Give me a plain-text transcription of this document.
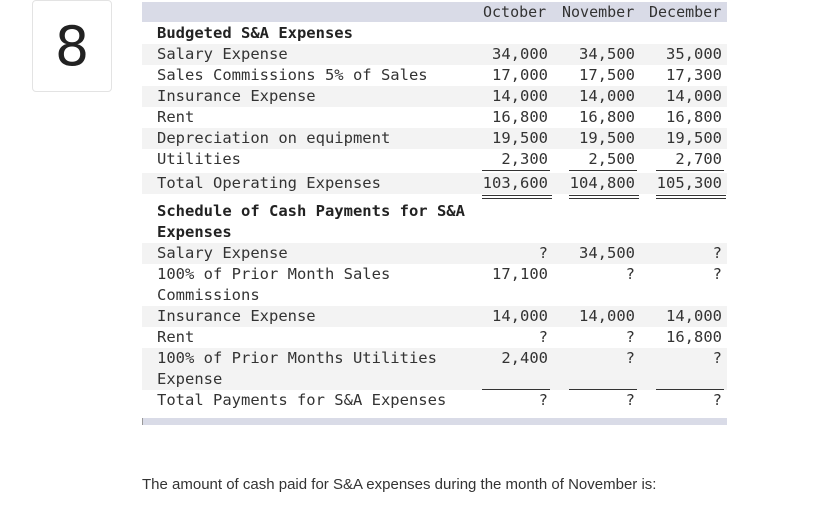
8
October November December
Budgeted S&A Expenses
Salary Expense	34,000	34,500	35,000
Sales Commissions 5% of Sales	17,000	17,500	17,300
Insurance Expense	14,000	14,000	14,000
Rent	16,800	16,800	16,800
Depreciation on equipment	19,500	19,500	19,500
Utilities	2,300	2,500	2,700
Total Operating Expenses	103,600	104,800	105,300
Schedule of Cash Payments for S&A
Expenses
Salary Expense	?	34,500	?
100% of Prior Month Sales
Commissions
17,100	?	?
Insurance Expense	14,000	14,000	14,000
Rent	?	?	16,800
100% of Prior Months Utilities
Expense
2,400	?	?
Total Payments for S&A Expenses	?	?	?
The amount of cash paid for S&A expenses during the month of November is:
